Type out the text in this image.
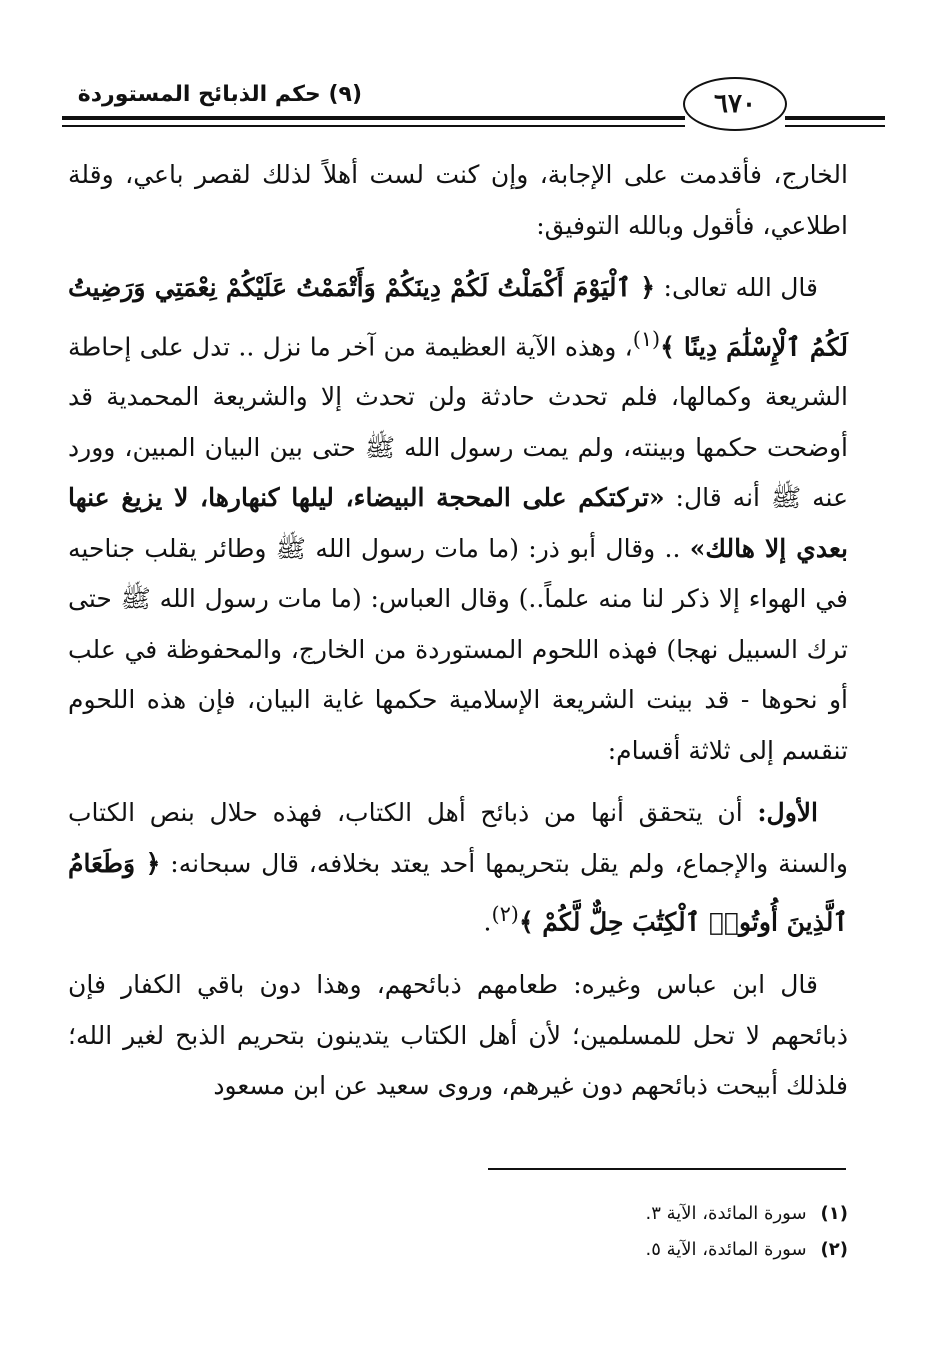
(٩) حكم الذبائح المستوردة	٦٧٠

الخارج، فأقدمت على الإجابة، وإن كنت لست أهلاً لذلك لقصر باعي، وقلة اطلاعي، فأقول وبالله التوفيق:

قال الله تعالى: ﴿ ٱلْيَوْمَ أَكْمَلْتُ لَكُمْ دِينَكُمْ وَأَتْمَمْتُ عَلَيْكُمْ نِعْمَتِي وَرَضِيتُ لَكُمُ ٱلْإِسْلَٰمَ دِينًا ﴾$^{(١)}$، وهذه الآية العظيمة من آخر ما نزل .. تدل على إحاطة الشريعة وكمالها، فلم تحدث حادثة ولن تحدث إلا والشريعة المحمدية قد أوضحت حكمها وبينته، ولم يمت رسول الله ﷺ حتى بين البيان المبين، وورد عنه ﷺ أنه قال: «تركتكم على المحجة البيضاء، ليلها كنهارها، لا يزيغ عنها بعدي إلا هالك» .. وقال أبو ذر: (ما مات رسول الله ﷺ وطائر يقلب جناحيه في الهواء إلا ذكر لنا منه علماً..) وقال العباس: (ما مات رسول الله ﷺ حتى ترك السبيل نهجا) فهذه اللحوم المستوردة من الخارج، والمحفوظة في علب أو نحوها - قد بينت الشريعة الإسلامية حكمها غاية البيان، فإن هذه اللحوم تنقسم إلى ثلاثة أقسام:

الأول: أن يتحقق أنها من ذبائح أهل الكتاب، فهذه حلال بنص الكتاب والسنة والإجماع، ولم يقل بتحريمها أحد يعتد بخلافه، قال سبحانه: ﴿ وَطَعَامُ ٱلَّذِينَ أُوتُوا۟ ٱلْكِتَٰبَ حِلٌّ لَّكُمْ ﴾$^{(٢)}$.

قال ابن عباس وغيره: طعامهم ذبائحهم، وهذا دون باقي الكفار فإن ذبائحهم لا تحل للمسلمين؛ لأن أهل الكتاب يتدينون بتحريم الذبح لغير الله؛ فلذلك أبيحت ذبائحهم دون غيرهم، وروى سعيد عن ابن مسعود

(١)
سورة المائدة، الآية ٣.
(٢)
سورة المائدة، الآية ٥.
